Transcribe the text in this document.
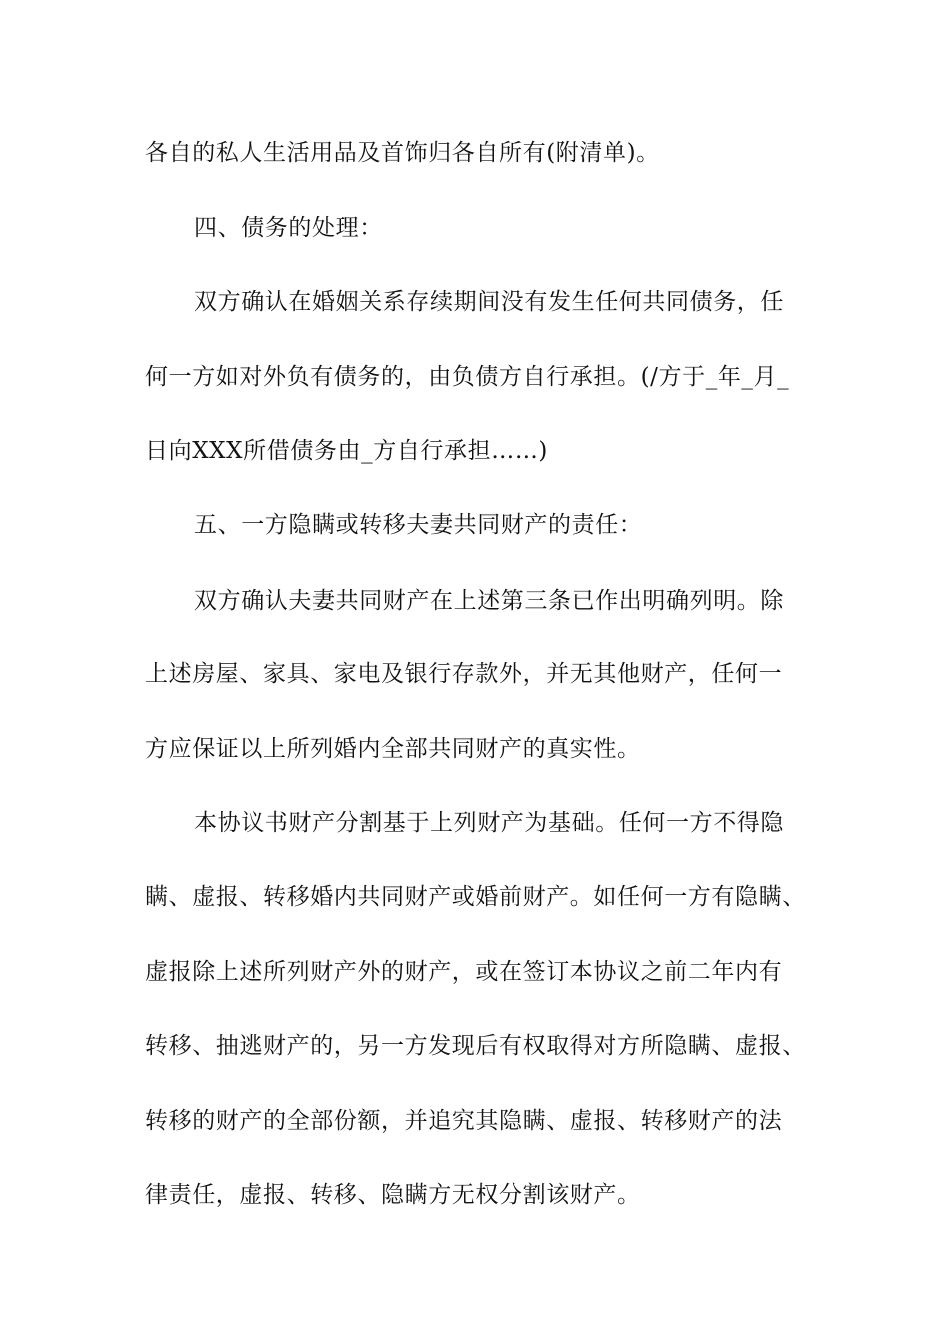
各自的私人生活用品及首饰归各自所有(附清单)。
四、债务的处理：
双方确认在婚姻关系存续期间没有发生任何共同债务，任
何一方如对外负有债务的，由负债方自行承担。(/方于_年_月_
日向XXX所借债务由_方自行承担……)
五、一方隐瞒或转移夫妻共同财产的责任：
双方确认夫妻共同财产在上述第三条已作出明确列明。除
上述房屋、家具、家电及银行存款外，并无其他财产，任何一
方应保证以上所列婚内全部共同财产的真实性。
本协议书财产分割基于上列财产为基础。任何一方不得隐
瞒、虚报、转移婚内共同财产或婚前财产。如任何一方有隐瞒、
虚报除上述所列财产外的财产，或在签订本协议之前二年内有
转移、抽逃财产的，另一方发现后有权取得对方所隐瞒、虚报、
转移的财产的全部份额，并追究其隐瞒、虚报、转移财产的法
律责任，虚报、转移、隐瞒方无权分割该财产。
